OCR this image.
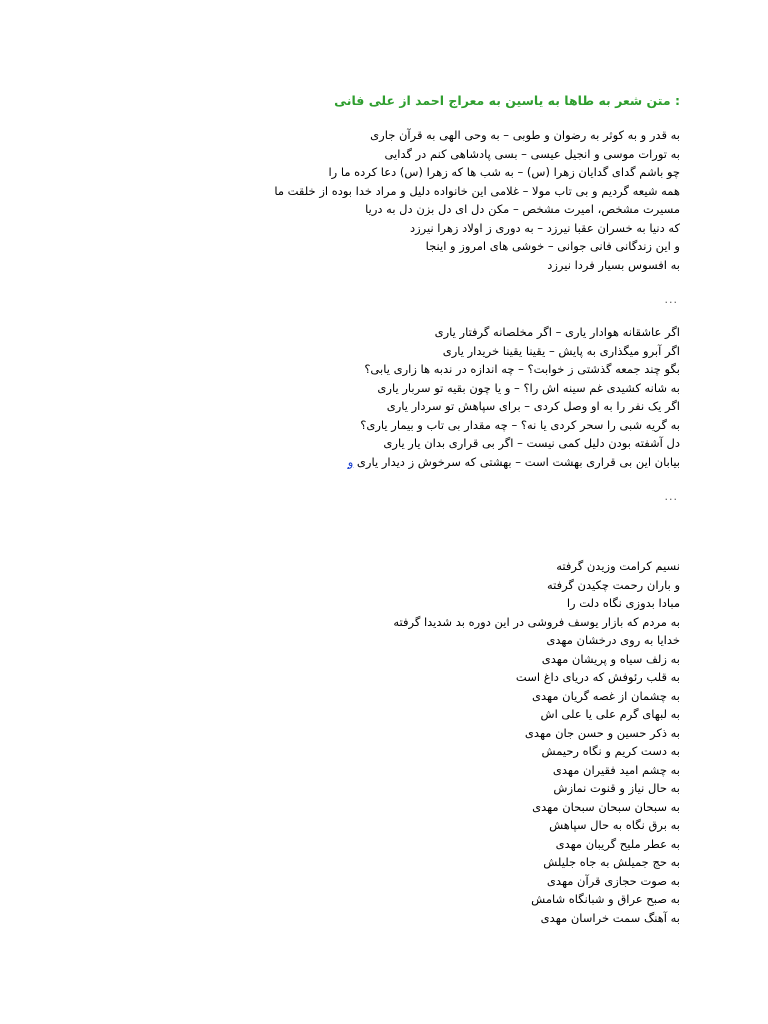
: متن شعر به طاها به یاسین به معراج احمد از علی فانی
به قدر و به کوثر به رضوان و طوبی – به وحی الهی به قرآن جاری
به تورات موسی و انجیل عیسی – بسی پادشاهی کنم در گدایی
چو باشم گدای گدایان زهرا (س) – به شب ها که زهرا (س) دعا کرده ما را
همه شیعه گردیم و بی تاب مولا – غلامی این خانواده دلیل و مراد خدا بوده از خلقت ما
مسیرت مشخص، امیرت مشخص – مکن دل ای دل بزن دل به دریا
که دنیا به خسران عقبا نیرزد – به دوری ز اولاد زهرا نیرزد
و این زندگانی فانی جوانی – خوشی های امروز و اینجا
به افسوس بسیار فردا نیرزد
...
اگر عاشقانه هوادار یاری – اگر مخلصانه گرفتار یاری
اگر آبرو میگذاری به پایش – یقینا یقینا خریدار یاری
بگو چند جمعه گذشتی ز خوابت؟ – چه اندازه در ندبه ها زاری یابی؟
به شانه کشیدی غم سینه اش را؟ – و یا چون بقیه تو سربار یاری
اگر یک نفر را به او وصل کردی – برای سپاهش تو سردار یاری
به گریه شبی را سحر کردی یا نه؟ – چه مقدار بی تاب و بیمار یاری؟
دل آشفته بودن دلیل کمی نیست – اگر بی قراری بدان یار یاری
بیابان این بی قراری بهشت است – بهشتی که سرخوش ز دیدار یاری و
...
نسیم کرامت وزیدن گرفته
و باران رحمت چکیدن گرفته
مبادا بدوزی نگاه دلت را
به مردم که بازار یوسف فروشی در این دوره بد شدیدا گرفته
خدایا به روی درخشان مهدی
به زلف سیاه و پریشان مهدی
به قلب رئوفش که دریای داغ است
به چشمان از غصه گریان مهدی
به لبهای گرم علی یا علی اش
به ذکر حسین و حسن جان مهدی
به دست کریم و نگاه رحیمش
به چشم امید فقیران مهدی
به حال نیاز و قنوت نمازش
به سبحان سبحان سبحان مهدی
به برق نگاه به حال سپاهش
به عطر ملیح گریبان مهدی
به حج جمیلش به جاه جلیلش
به صوت حجازی قرآن مهدی
به صبح عراق و شبانگاه شامش
به آهنگ سمت خراسان مهدی
